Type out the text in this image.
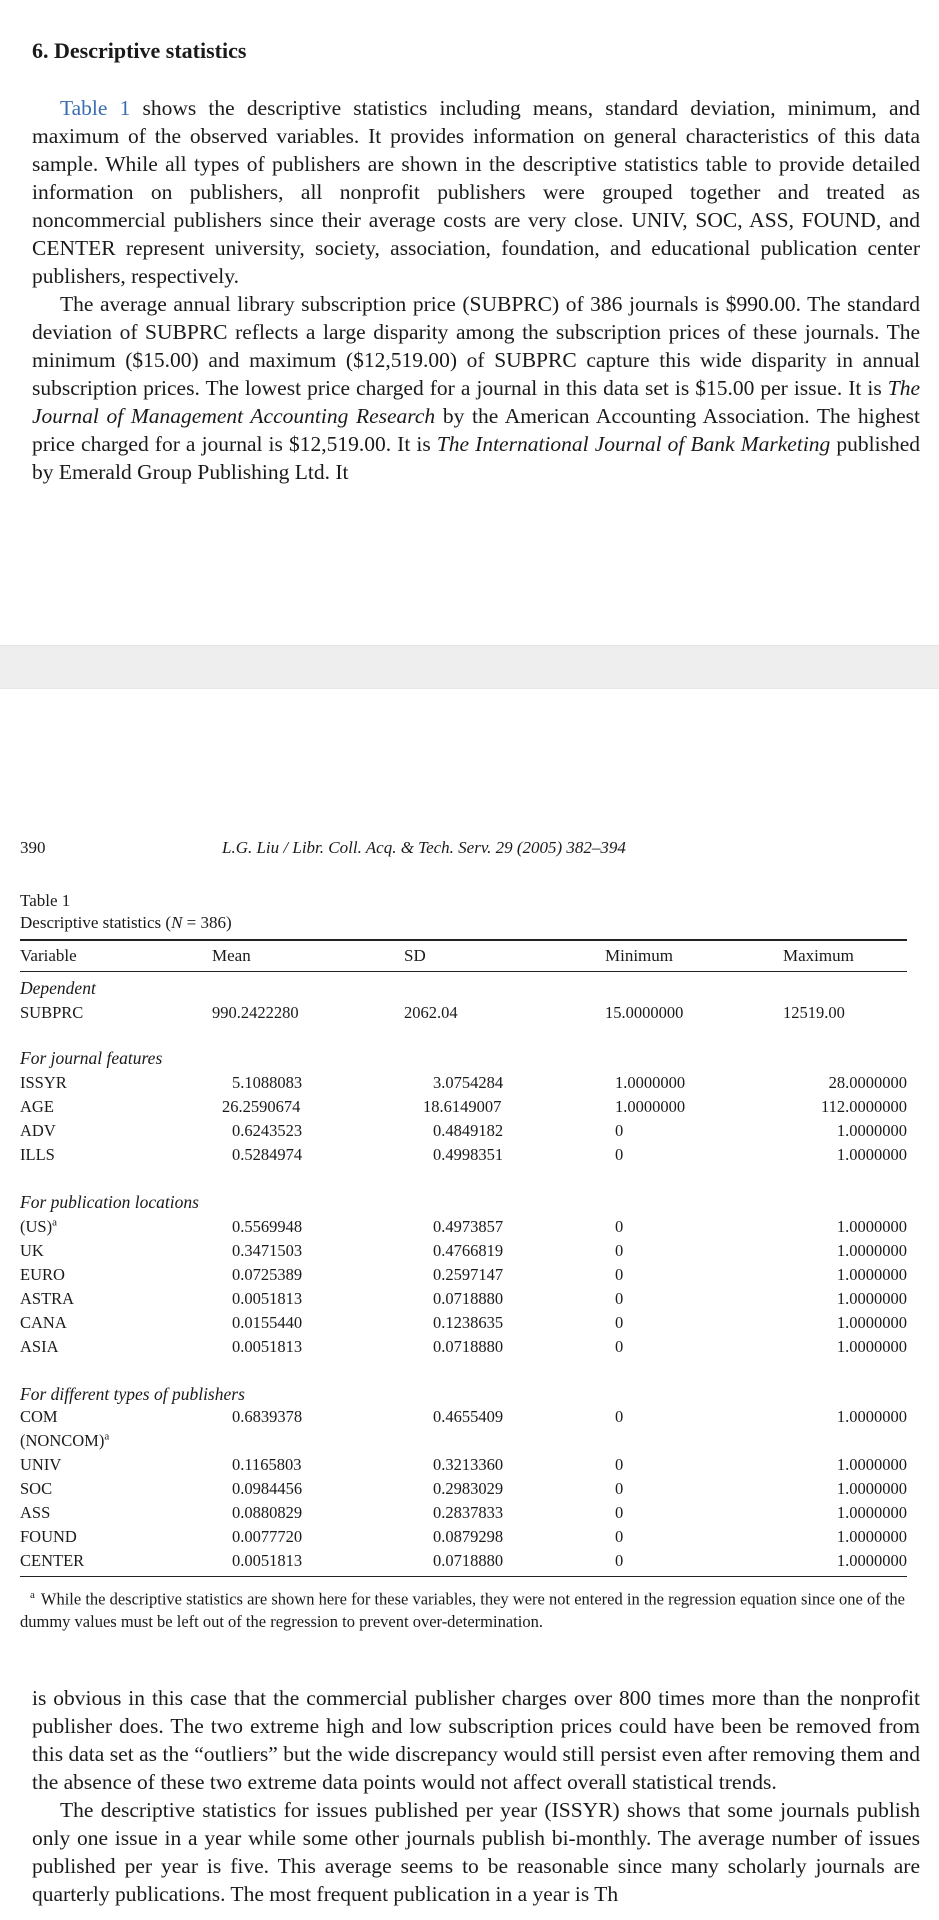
6. Descriptive statistics

Table 1 shows the descriptive statistics including means, standard deviation, minimum, and maximum of the observed variables. It provides information on general characteristics of this data sample. While all types of publishers are shown in the descriptive statistics table to provide detailed information on publishers, all nonprofit publishers were grouped together and treated as noncommercial publishers since their average costs are very close. UNIV, SOC, ASS, FOUND, and CENTER represent university, society, association, foundation, and educational publication center publishers, respectively.

The average annual library subscription price (SUBPRC) of 386 journals is $990.00. The standard deviation of SUBPRC reflects a large disparity among the subscription prices of these journals. The minimum ($15.00) and maximum ($12,519.00) of SUBPRC capture this wide disparity in annual subscription prices. The lowest price charged for a journal in this data set is $15.00 per issue. It is The Journal of Management Accounting Research by the American Accounting Association. The highest price charged for a journal is $12,519.00. It is The International Journal of Bank Marketing published by Emerald Group Publishing Ltd. It

390	L.G. Liu / Libr. Coll. Acq. & Tech. Serv. 29 (2005) 382–394
Table 1
Descriptive statistics (N = 386)
Variable	Mean	SD	Minimum	Maximum
Dependent
SUBPRC	990.2422280	2062.04	15.0000000	12519.00
For journal features
ISSYR	5.1088083	3.0754284	1.0000000	28.0000000
AGE	26.2590674	18.6149007	1.0000000	112.0000000
ADV	0.6243523	0.4849182	0	1.0000000
ILLS	0.5284974	0.4998351	0	1.0000000
For publication locations
(US)$^a$	0.5569948	0.4973857	0	1.0000000
UK	0.3471503	0.4766819	0	1.0000000
EURO	0.0725389	0.2597147	0	1.0000000
ASTRA	0.0051813	0.0718880	0	1.0000000
CANA	0.0155440	0.1238635	0	1.0000000
ASIA	0.0051813	0.0718880	0	1.0000000
For different types of publishers
COM	0.6839378	0.4655409	0	1.0000000
(NONCOM)$^a$
UNIV	0.1165803	0.3213360	0	1.0000000
SOC	0.0984456	0.2983029	0	1.0000000
ASS	0.0880829	0.2837833	0	1.0000000
FOUND	0.0077720	0.0879298	0	1.0000000
CENTER	0.0051813	0.0718880	0	1.0000000

$^a$ While the descriptive statistics are shown here for these variables, they were not entered in the regression equation since one of the dummy values must be left out of the regression to prevent over-determination.

is obvious in this case that the commercial publisher charges over 800 times more than the nonprofit publisher does. The two extreme high and low subscription prices could have been be removed from this data set as the “outliers” but the wide discrepancy would still persist even after removing them and the absence of these two extreme data points would not affect overall statistical trends.

The descriptive statistics for issues published per year (ISSYR) shows that some journals publish only one issue in a year while some other journals publish bi-monthly. The average number of issues published per year is five. This average seems to be reasonable since many scholarly journals are quarterly publications. The most frequent publication in a year is Th
